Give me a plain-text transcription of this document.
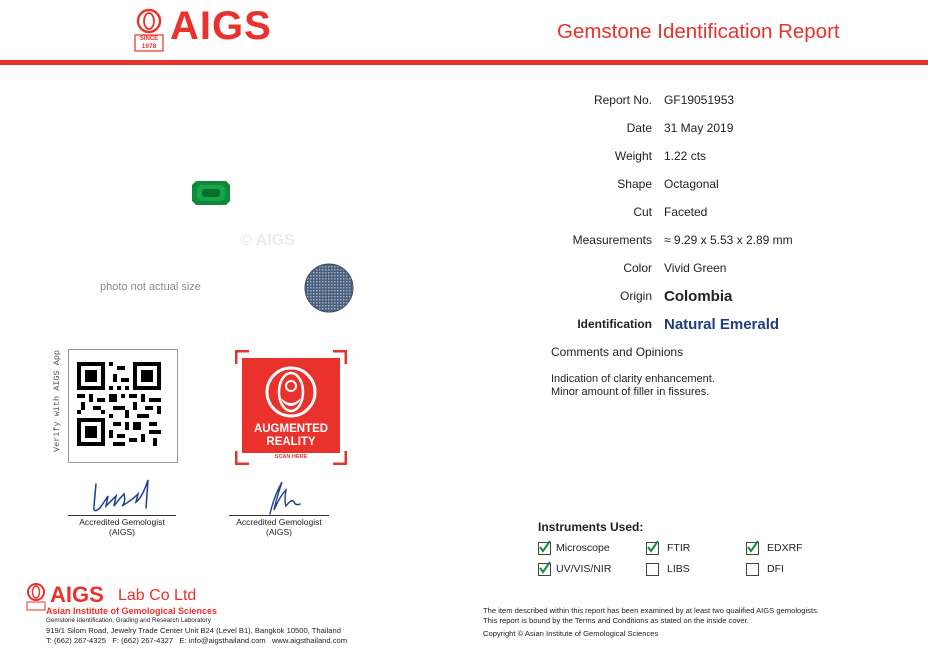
SINCE
1978 AIGS	Gemstone Identification Report
© AIGS
photo not actual size
Report No. GF19051953
Date 31 May 2019
Weight 1.22 cts
Shape Octagonal
Cut Faceted
Measurements ≈ 9.29 x 5.53 x 2.89 mm
Color Vivid Green
Origin Colombia
Identification Natural Emerald
Comments and Opinions
Indication of clarity enhancement.
Minor amount of filler in fissures.
Verify with AIGS App	AUGMENTED
REALITY
SCAN HERE
Accredited Gemologist
(AIGS)
Accredited Gemologist
(AIGS)	Instruments Used:
Microscope	FTIR	EDXRF
UV/VIS/NIR	LIBS	DFI
AIGS Lab Co Ltd
Asian Institute of Gemological Sciences
Gemstone Identification, Grading and Research Laboratory
919/1 Silom Road, Jewelry Trade Center Unit B24 (Level B1), Bangkok 10500, Thailand
T: (662) 267-4325   F: (662) 267-4327   E: info@aigsthailand.com   www.aigsthailand.com
The item described within this report has been examined by at least two qualified AIGS gemologists.
This report is bound by the Terms and Conditions as stated on the inside cover.
Copyright © Asian Institute of Gemological Sciences
